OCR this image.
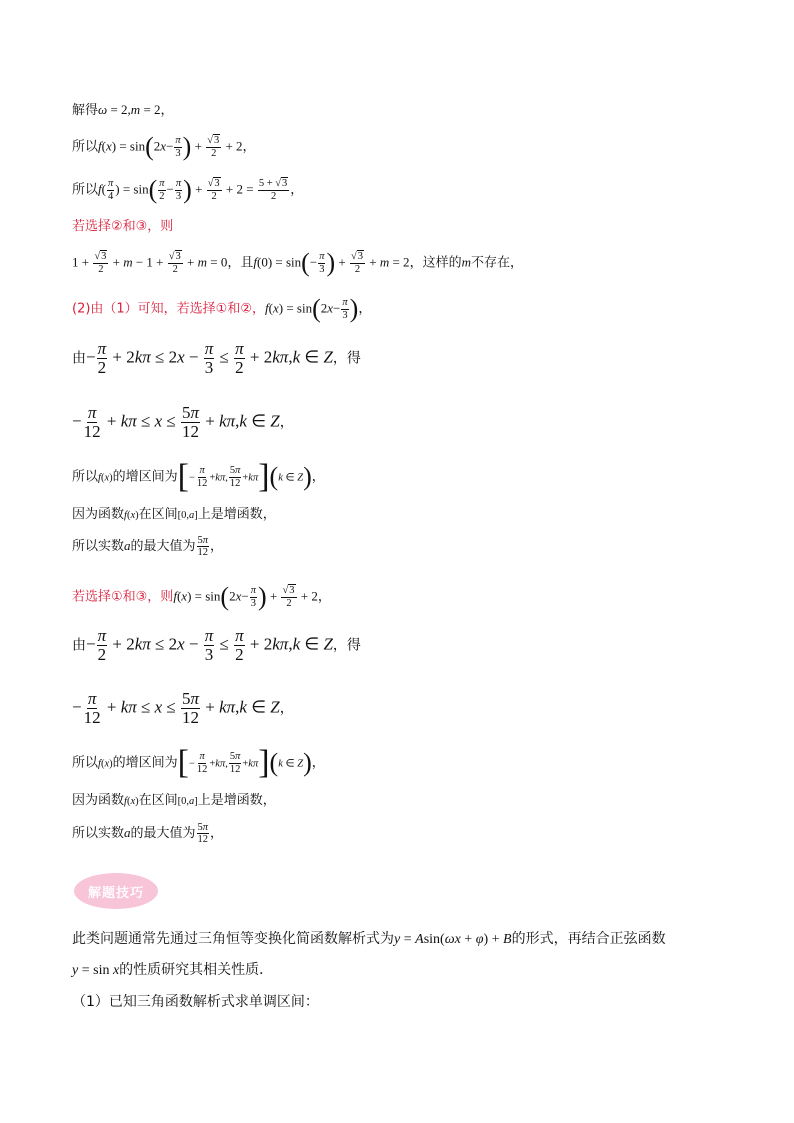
解得ω = 2,m = 2，
所以$f(x) = \sin(2x- \frac{\pi}{3}$ ) + $\frac{√3}{2} + 2$，
所以$f( \frac{\pi}{4}$ ) = $\sin( \frac{\pi}{2} - \frac{\pi}{3}$ ) + $\frac{√3}{2} + 2 = \frac{5 + √3}{2}$ ，
若选择②和③，则
$1 + \frac{√3}{2} + m - 1 + \frac{√3}{2} + m = 0$，且$f(0) = \sin(- \frac{\pi}{3}$ ) + $\frac{√3}{2} + m = 2$，这样的m不存在，
(2)由（1）可知，若选择①和②，$f(x) = \sin(2x- \frac{\pi}{3}$ )，
由− $\frac{\pi}{2} + 2k\pi \le 2x - \frac{\pi}{3} \le \frac{\pi}{2} + 2k\pi,k$ ∈ Z，得
− $\frac{\pi}{12} + k\pi \le x \le \frac{5\pi}{12} + k\pi,k$ ∈ Z，
所以f(x)的增区间为[− $\frac{\pi}{12} +k\pi$, $\frac{5\pi}{12} +k\pi](k$ ∈ Z)，
因为函数f(x)在区间[0,a]上是增函数，
所以实数a的最大值为 $\frac{5\pi}{12}$ ，
若选择①和③，则$f(x) = \sin(2x- \frac{\pi}{3}$ ) + $\frac{√3}{2} + 2$，
由− $\frac{\pi}{2} + 2k\pi \le 2x - \frac{\pi}{3} \le \frac{\pi}{2} + 2k\pi,k$ ∈ Z，得
− $\frac{\pi}{12} + k\pi \le x \le \frac{5\pi}{12} + k\pi,k$ ∈ Z，
所以f(x)的增区间为[− $\frac{\pi}{12} +k\pi$, $\frac{5\pi}{12} +k\pi](k$ ∈ Z)，
因为函数f(x)在区间[0,a]上是增函数，
所以实数a的最大值为 $\frac{5\pi}{12}$ ，
解题技巧
此类问题通常先通过三角恒等变换化简函数解析式为y = Asin(ωx + φ) + B的形式，再结合正弦函数
y = sin x的性质研究其相关性质．
（1）已知三角函数解析式求单调区间：
